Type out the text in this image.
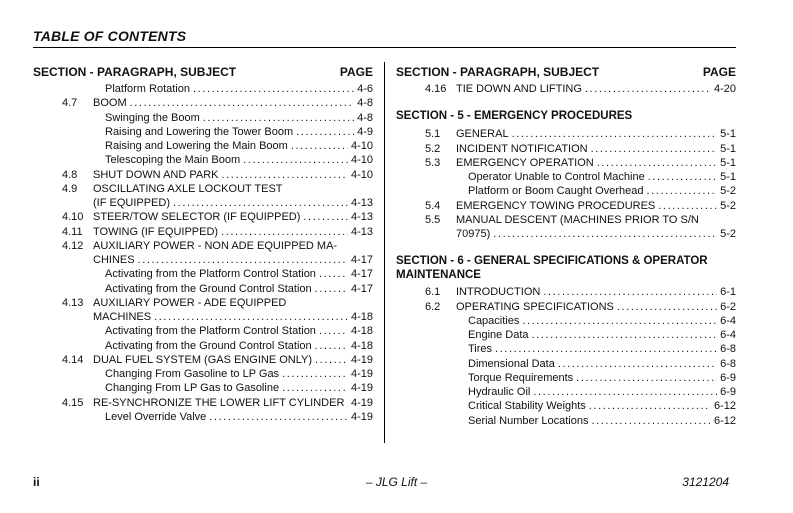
TABLE OF CONTENTS
SECTION - PARAGRAPH, SUBJECT	PAGE
Platform Rotation .....	4-6
4.7	BOOM .....	4-8
Swinging the Boom .....	4-8
Raising and Lowering the Tower Boom .....	4-9
Raising and Lowering the Main Boom .....	4-10
Telescoping the Main Boom .....	4-10
4.8	SHUT DOWN AND PARK .....	4-10
4.9	OSCILLATING AXLE LOCKOUT TEST
(IF EQUIPPED) .....	4-13
4.10 STEER/TOW SELECTOR (IF EQUIPPED) .....	4-13
4.11 TOWING (IF EQUIPPED) .....	4-13
4.12 AUXILIARY POWER - NON ADE EQUIPPED MA-
CHINES .....	4-17
Activating from the Platform Control Station .....	4-17
Activating from the Ground Control Station .....	4-17
4.13 AUXILIARY POWER - ADE EQUIPPED
MACHINES .....	4-18
Activating from the Platform Control Station .....	4-18
Activating from the Ground Control Station .....	4-18
4.14 DUAL FUEL SYSTEM (GAS ENGINE ONLY) .....	4-19
Changing From Gasoline to LP Gas .....	4-19
Changing From LP Gas to Gasoline .....	4-19
4.15 RE-SYNCHRONIZE THE LOWER LIFT CYLINDER 4-19
Level Override Valve .....	4-19
SECTION - PARAGRAPH, SUBJECT	PAGE
4.16 TIE DOWN AND LIFTING .....	4-20
SECTION - 5 - EMERGENCY PROCEDURES
5.1	GENERAL .....	5-1
5.2	INCIDENT NOTIFICATION .....	5-1
5.3	EMERGENCY OPERATION .....	5-1
Operator Unable to Control Machine .....	5-1
Platform or Boom Caught Overhead .....	5-2
5.4	EMERGENCY TOWING PROCEDURES .....	5-2
5.5	MANUAL DESCENT (MACHINES PRIOR TO S/N
70975) .....	5-2
SECTION - 6 - GENERAL SPECIFICATIONS & OPERATOR
MAINTENANCE
6.1	INTRODUCTION .....	6-1
6.2	OPERATING SPECIFICATIONS .....	6-2
Capacities .....	6-4
Engine Data .....	6-4
Tires .....	6-8
Dimensional Data .....	6-8
Torque Requirements .....	6-9
Hydraulic Oil .....	6-9
Critical Stability Weights .....	6-12
Serial Number Locations .....	6-12
ii	– JLG Lift –	3121204
